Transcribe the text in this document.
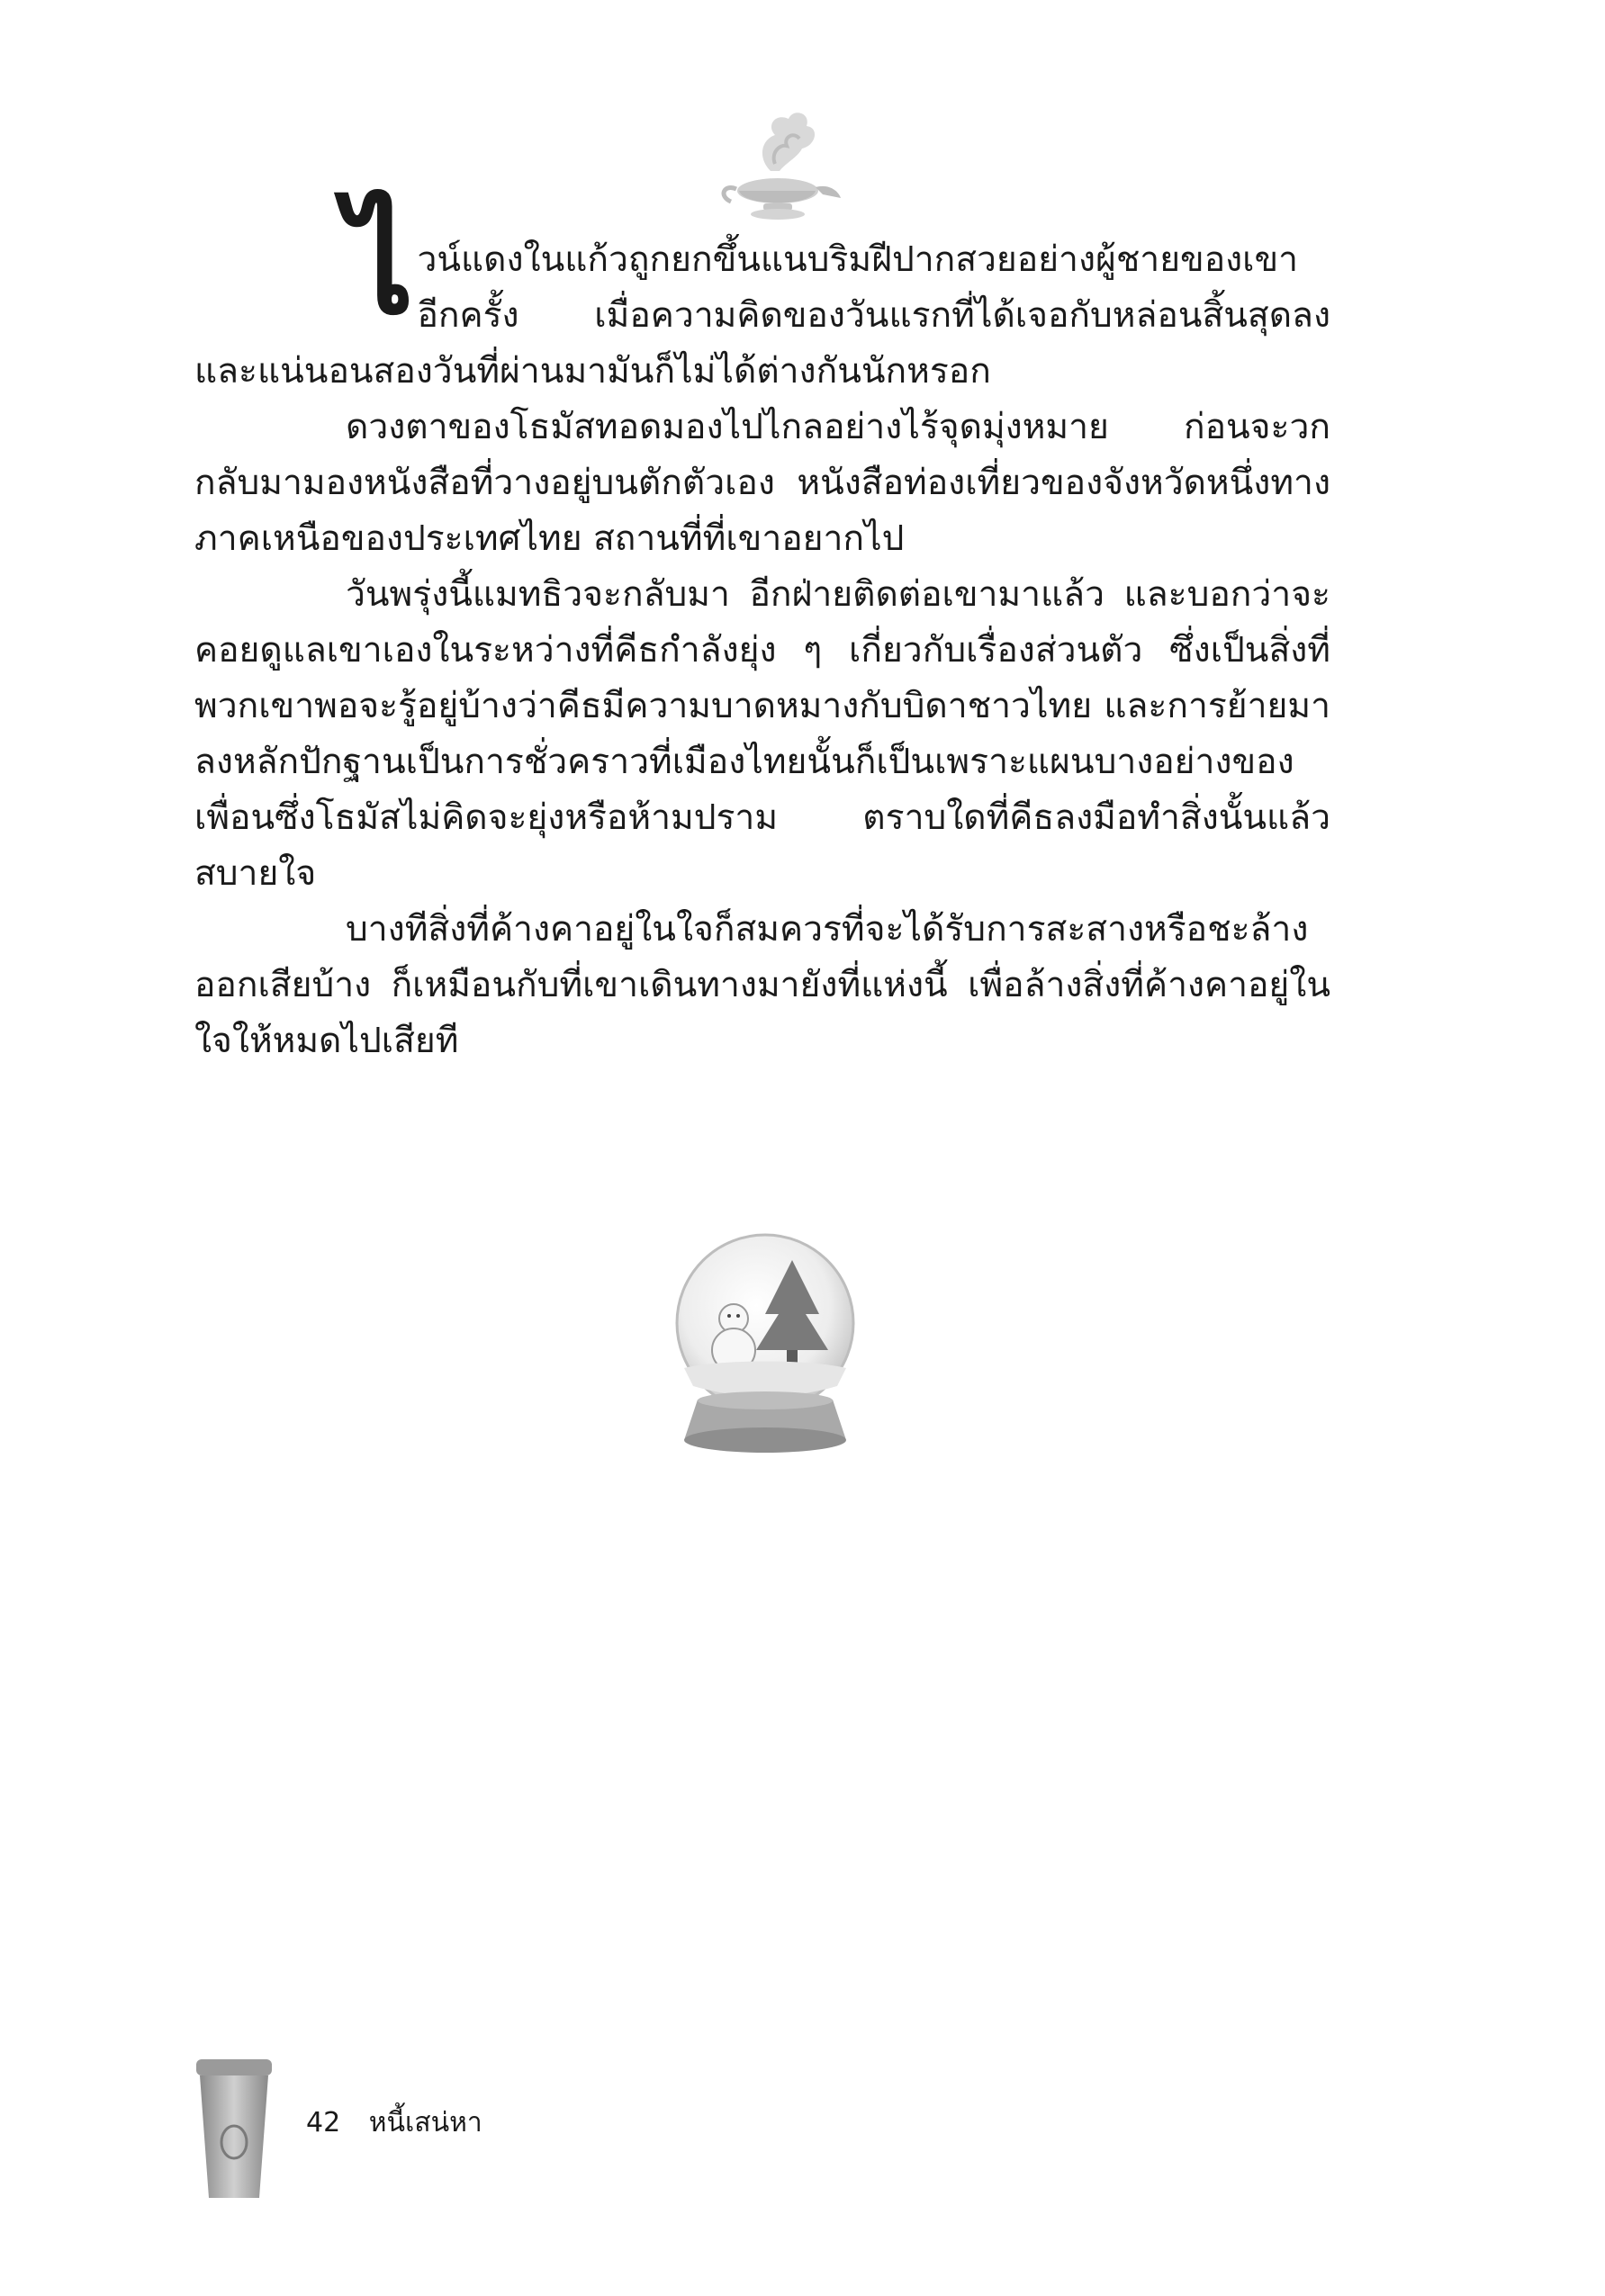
ไวน์แดงในแก้วถูกยกขึ้นแนบริมฝีปากสวยอย่างผู้ชายของเขาอีกครั้ง เมื่อความคิดของวันแรกที่ได้เจอกับหล่อนสิ้นสุดลง และแน่นอนสองวันที่ผ่านมามันก็ไม่ได้ต่างกันนักหรอก

ดวงตาของโธมัสทอดมองไปไกลอย่างไร้จุดมุ่งหมาย ก่อนจะวกกลับมามองหนังสือที่วางอยู่บนตักตัวเอง หนังสือท่องเที่ยวของจังหวัดหนึ่งทางภาคเหนือของประเทศไทย สถานที่ที่เขาอยากไป

วันพรุ่งนี้แมทธิวจะกลับมา อีกฝ่ายติดต่อเขามาแล้ว และบอกว่าจะคอยดูแลเขาเองในระหว่างที่คีธกำลังยุ่ง ๆ เกี่ยวกับเรื่องส่วนตัว ซึ่งเป็นสิ่งที่พวกเขาพอจะรู้อยู่บ้างว่าคีธมีความบาดหมางกับบิดาชาวไทย และการย้ายมาลงหลักปักฐานเป็นการชั่วคราวที่เมืองไทยนั้นก็เป็นเพราะแผนบางอย่างของเพื่อนซึ่งโธมัสไม่คิดจะยุ่งหรือห้ามปราม ตราบใดที่คีธลงมือทำสิ่งนั้นแล้วสบายใจ

บางทีสิ่งที่ค้างคาอยู่ในใจก็สมควรที่จะได้รับการสะสางหรือชะล้างออกเสียบ้าง ก็เหมือนกับที่เขาเดินทางมายังที่แห่งนี้ เพื่อล้างสิ่งที่ค้างคาอยู่ในใจให้หมดไปเสียที

42 หนี้เสน่หา
